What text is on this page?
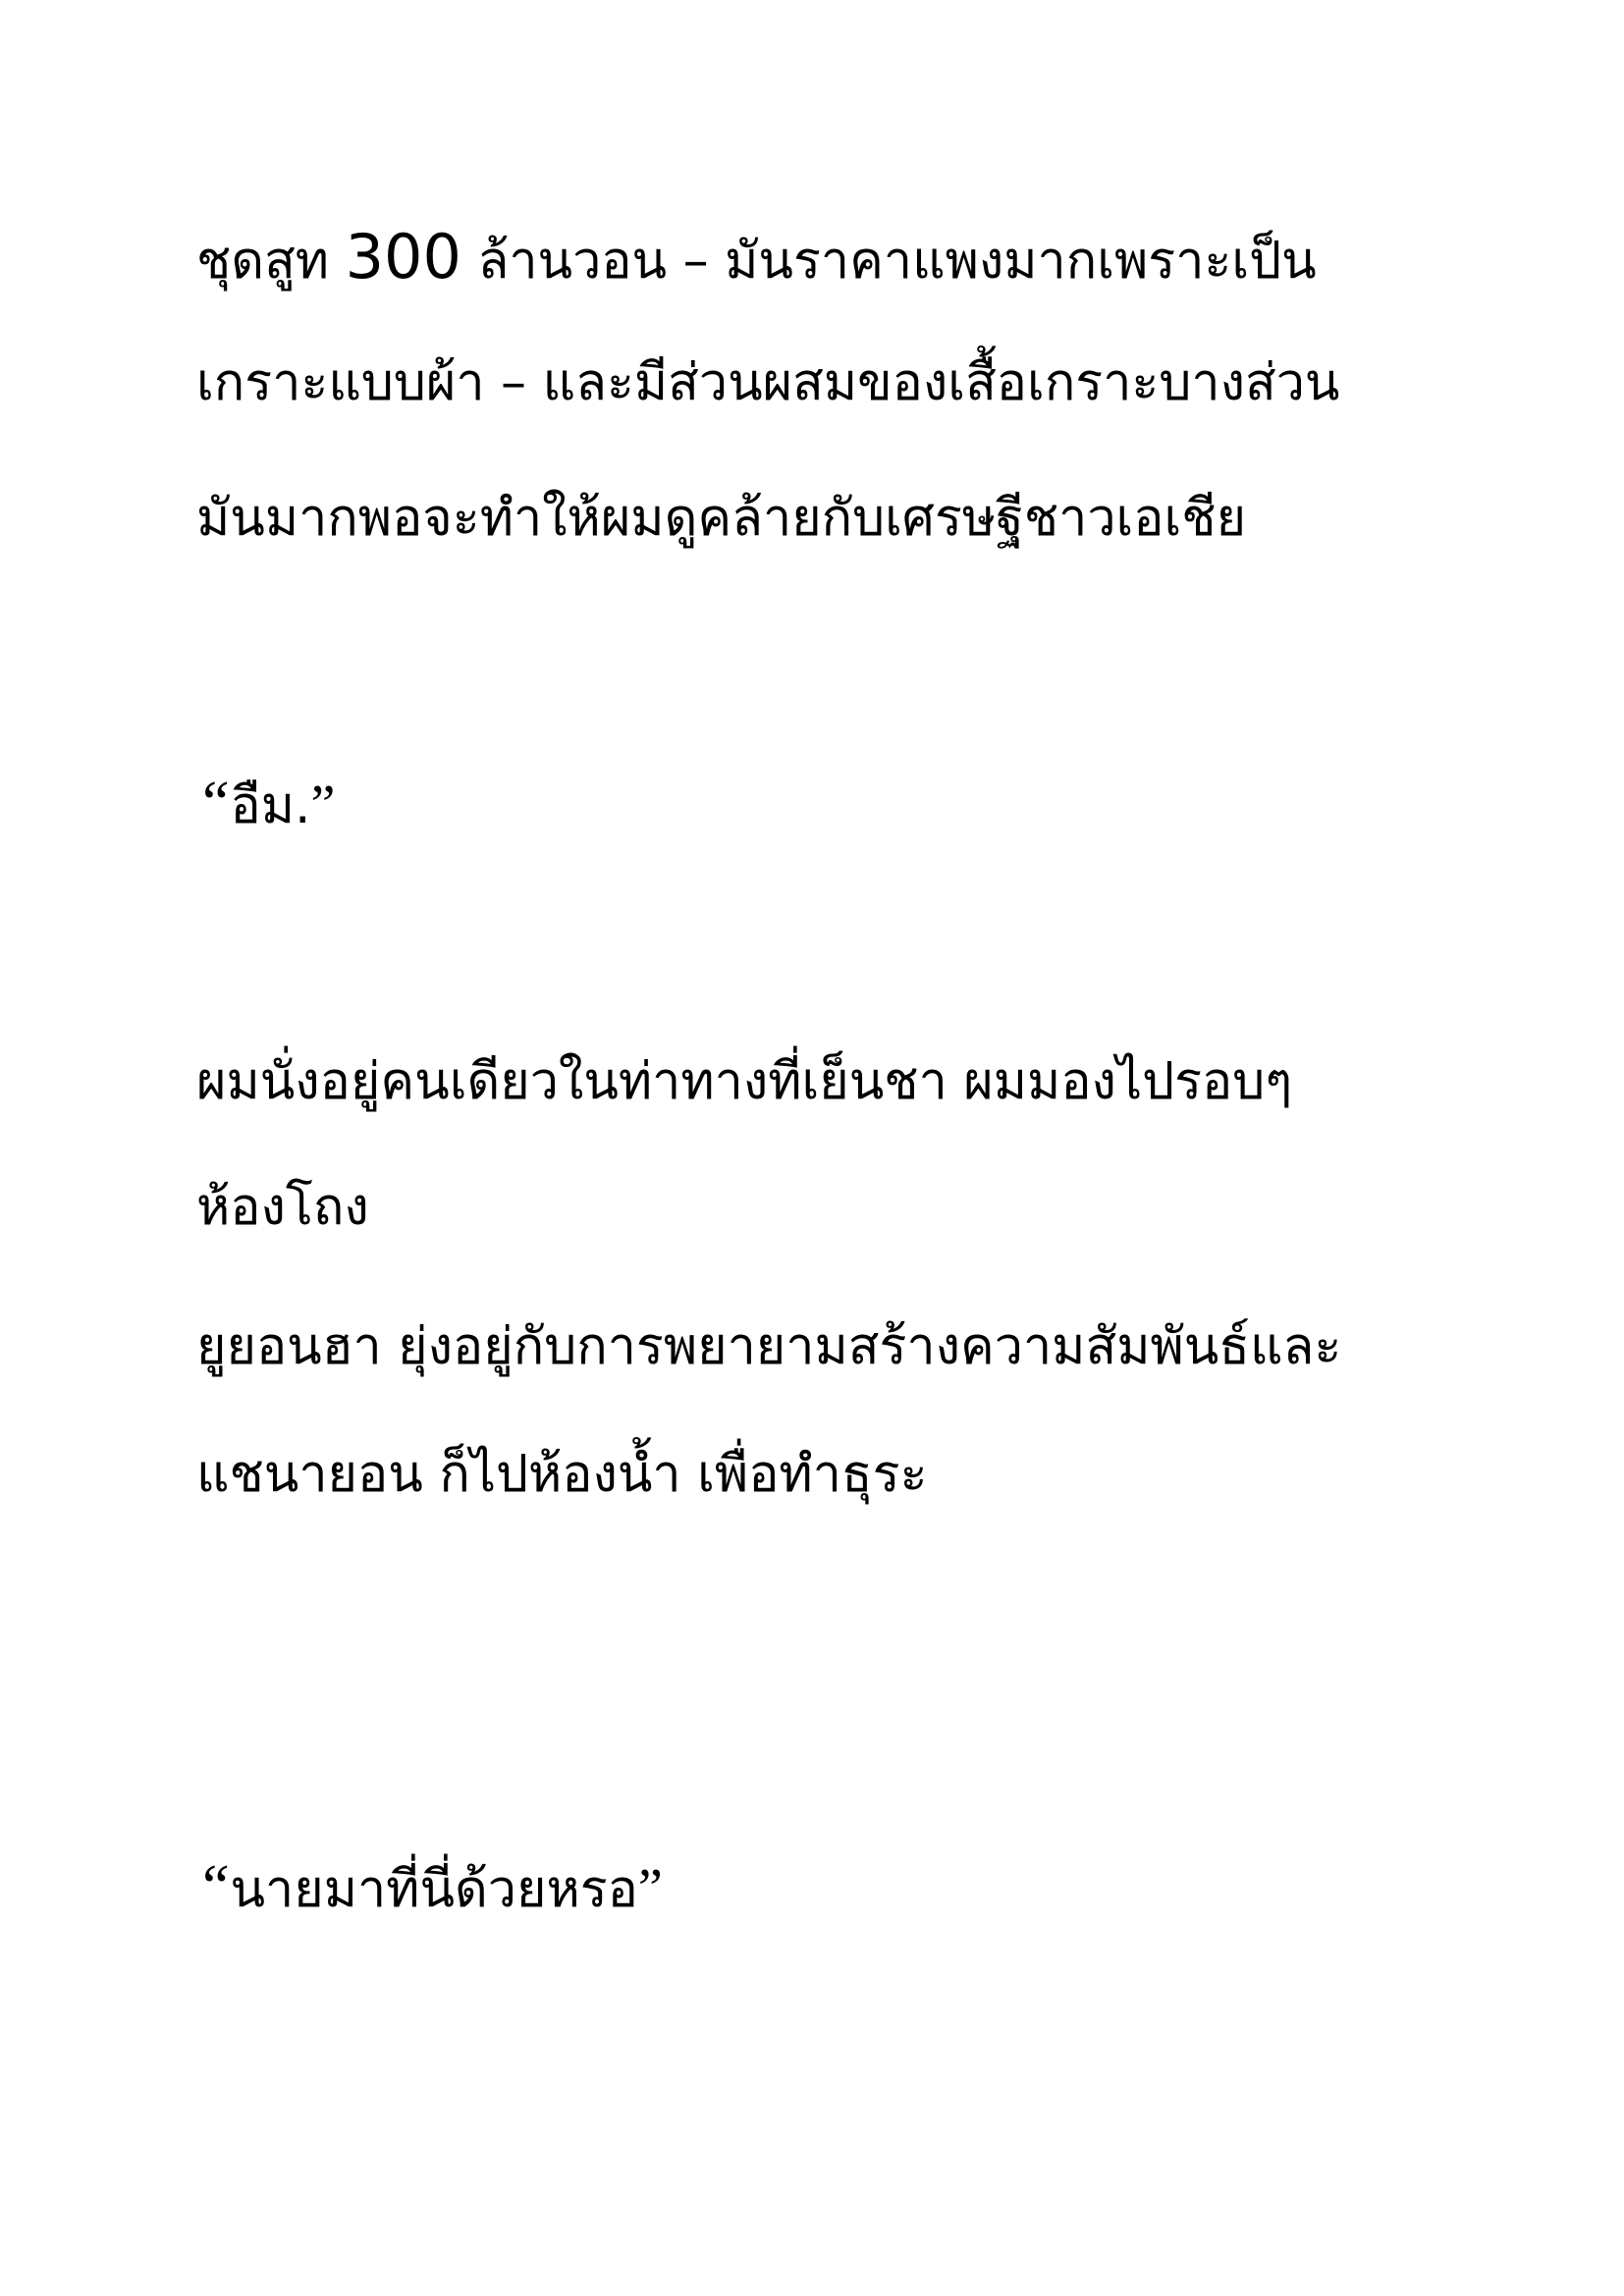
ชุดสูท 300 ล้านวอน – มันราคาแพงมากเพราะเป็น

เกราะแบบผ้า – และมีส่วนผสมของเสื้อเกราะบางส่วน

มันมากพอจะทำให้ผมดูคล้ายกับเศรษฐีชาวเอเชีย

“อืม.”

ผมนั่งอยู่คนเดียวในท่าทางที่เย็นชา ผมมองไปรอบๆ

ห้องโถง

ยูยอนฮา ยุ่งอยู่กับการพยายามสร้างความสัมพันธ์และ

แชนายอน ก็ไปห้องน้ำ เพื่อทำธุระ

“นายมาที่นี่ด้วยหรอ”
